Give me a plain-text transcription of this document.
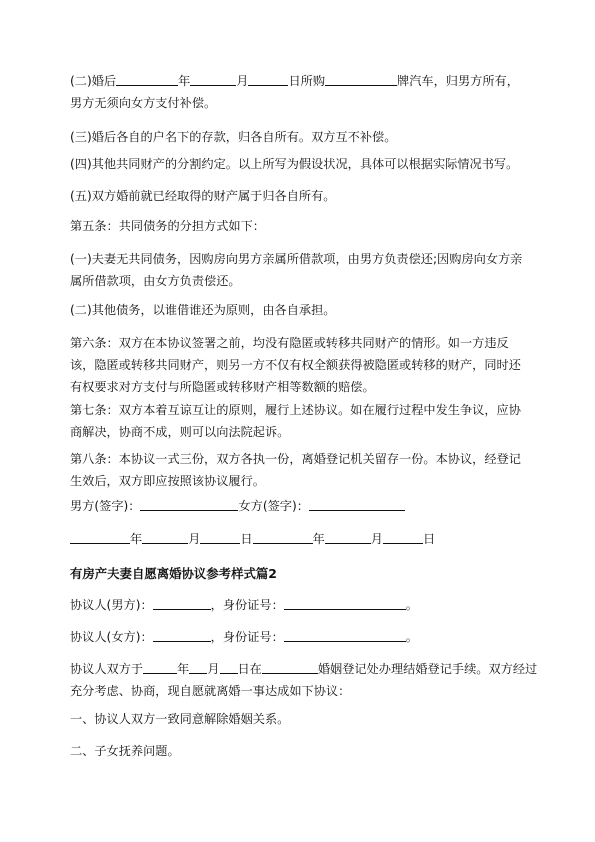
(二)婚后	年	月	日所购	牌汽车，归男方所有，
男方无须向女方支付补偿。
(三)婚后各自的户名下的存款，归各自所有。双方互不补偿。
(四)其他共同财产的分割约定。以上所写为假设状况，具体可以根据实际情况书写。
(五)双方婚前就已经取得的财产属于归各自所有。
第五条：共同债务的分担方式如下：
(一)夫妻无共同债务，因购房向男方亲属所借款项，由男方负责偿还;因购房向女方亲
属所借款项，由女方负责偿还。
(二)其他债务，以谁借谁还为原则，由各自承担。
第六条：双方在本协议签署之前，均没有隐匿或转移共同财产的情形。如一方违反
该，隐匿或转移共同财产，则另一方不仅有权全额获得被隐匿或转移的财产，同时还
有权要求对方支付与所隐匿或转移财产相等数额的赔偿。
第七条：双方本着互谅互让的原则，履行上述协议。如在履行过程中发生争议，应协
商解决，协商不成，则可以向法院起诉。
第八条：本协议一式三份，双方各执一份，离婚登记机关留存一份。本协议，经登记
生效后，双方即应按照该协议履行。
男方(签字)：	女方(签字)：
年	月	日	年	月	日
有房产夫妻自愿离婚协议参考样式篇2
协议人(男方)：	，身份证号：	。
协议人(女方)：	，身份证号：	。
协议人双方于	年 月 日在	婚姻登记处办理结婚登记手续。双方经过
充分考虑、协商，现自愿就离婚一事达成如下协议：
一、协议人双方一致同意解除婚姻关系。
二、子女抚养问题。
